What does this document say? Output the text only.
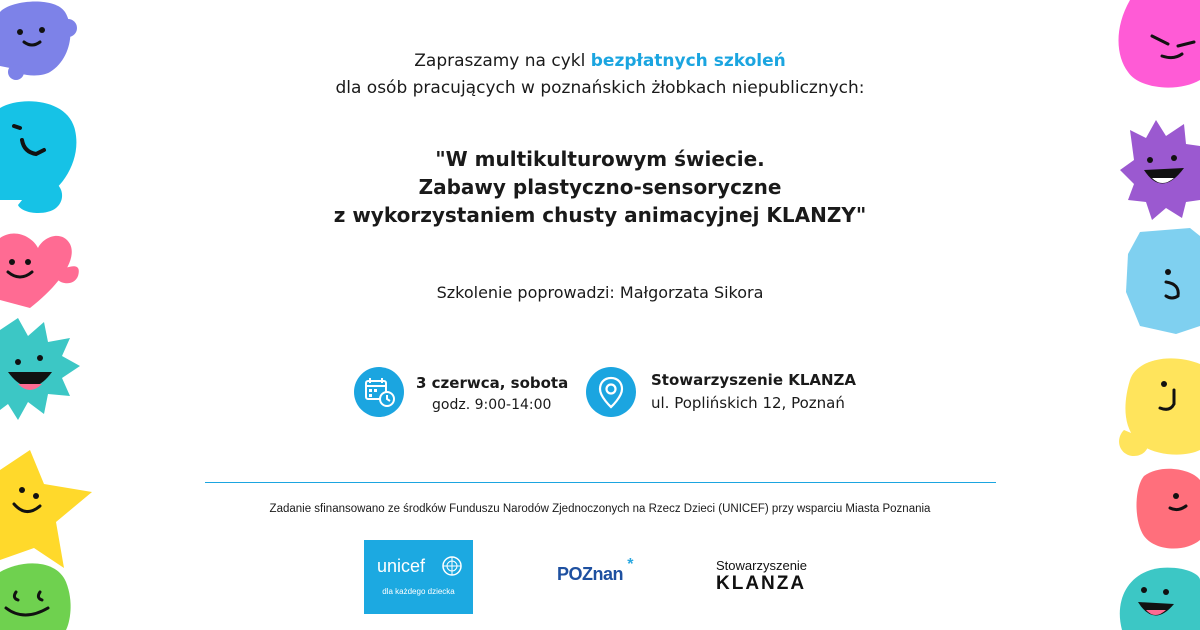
Zapraszamy na cykl bezpłatnych szkoleń
dla osób pracujących w poznańskich żłobkach niepublicznych:
"W multikulturowym świecie.
Zabawy plastyczno-sensoryczne
z wykorzystaniem chusty animacyjnej KLANZY"
Szkolenie poprowadzi: Małgorzata Sikora
3 czerwca, sobota
godz. 9:00-14:00
Stowarzyszenie KLANZA
ul. Poplińskich 12, Poznań
Zadanie sfinansowano ze środków Funduszu Narodów Zjednoczonych na Rzecz Dzieci (UNICEF) przy wsparciu Miasta Poznania
unicef
dla każdego dziecka
POZnan *	Stowarzyszenie
KLANZA
